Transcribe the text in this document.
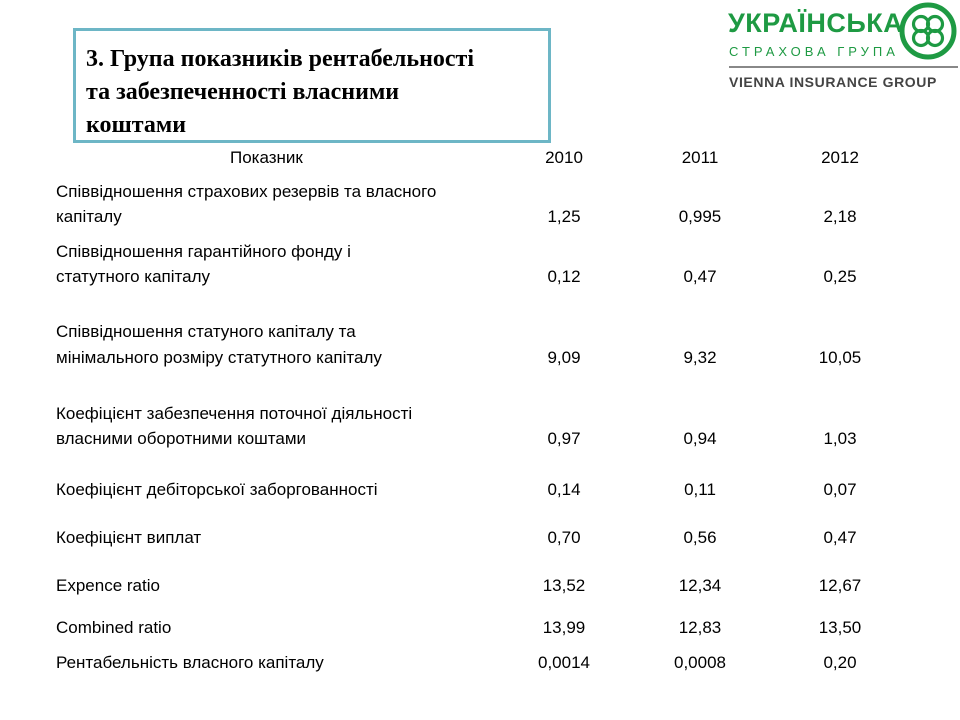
3. Група показників рентабельності
та забезпеченності власними
коштами
УКРАЇНСЬКА
СТРАХОВА ГРУПА
VIENNA INSURANCE GROUP
Показник	2010	2011	2012
Співвідношення страхових резервів та власного
капіталу	1,25	0,995	2,18
Співвідношення гарантійного фонду і
статутного капіталу	0,12	0,47	0,25
Співвідношення статуного капіталу та
мінімального розміру статутного капіталу	9,09	9,32	10,05
Коефіцієнт забезпечення поточної діяльності
власними оборотними коштами	0,97	0,94	1,03
Коефіцієнт дебіторської заборгованності	0,14	0,11	0,07
Коефіцієнт виплат	0,70	0,56	0,47
Expence ratio	13,52	12,34	12,67
Combined ratio	13,99	12,83	13,50
Рентабельність власного капіталу	0,0014	0,0008	0,20
